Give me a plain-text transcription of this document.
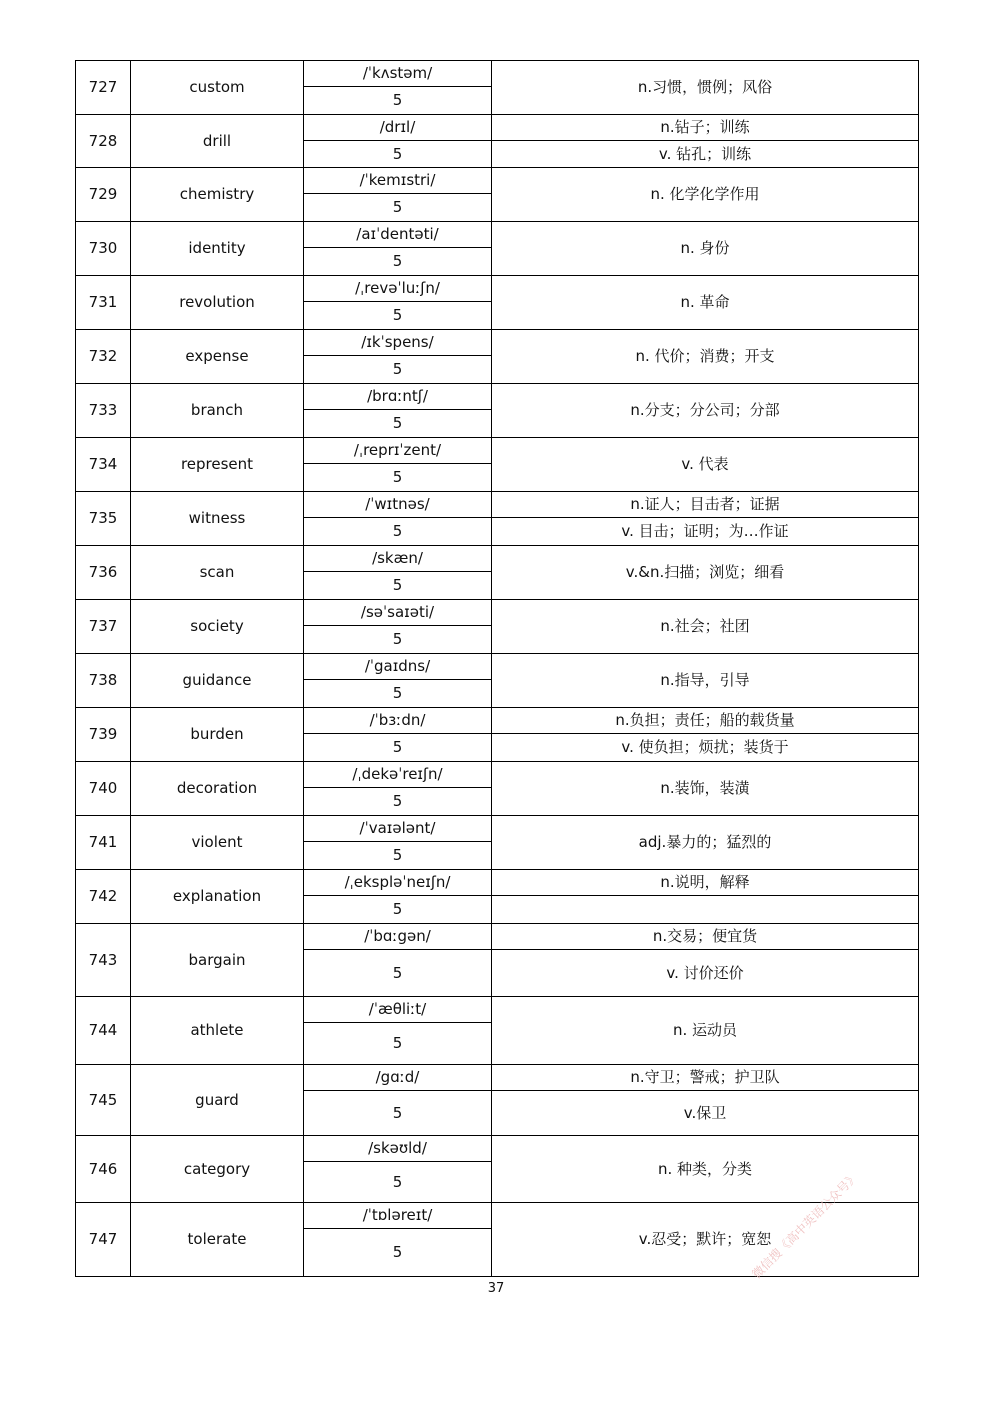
727	custom	/ˈkʌstəm/	n.习惯，惯例；风俗
		5	
728	drill	/drɪl/	n.钻子；训练
		5	v. 钻孔；训练
729	chemistry	/ˈkemɪstri/	n. 化学化学作用
		5	
730	identity	/aɪˈdentəti/	n. 身份
		5	
731	revolution	/ˌrevəˈluːʃn/	n. 革命
		5	
732	expense	/ɪkˈspens/	n. 代价；消费；开支
		5	
733	branch	/brɑːntʃ/	n.分支；分公司；分部
		5	
734	represent	/ˌreprɪˈzent/	v. 代表
		5	
735	witness	/ˈwɪtnəs/	n.证人；目击者；证据
		5	v. 目击；证明；为…作证
736	scan	/skæn/	v.&n.扫描；浏览；细看
		5	
737	society	/səˈsaɪəti/	n.社会；社团
		5	
738	guidance	/ˈgaɪdns/	n.指导，引导
		5	
739	burden	/ˈbɜːdn/	n.负担；责任；船的载货量
		5	v. 使负担；烦扰；装货于
740	decoration	/ˌdekəˈreɪʃn/	n.装饰，装潢
		5	
741	violent	/ˈvaɪələnt/	adj.暴力的；猛烈的
		5	
742	explanation	/ˌekspləˈneɪʃn/	n.说明，解释
		5	
743	bargain	/ˈbɑːgən/	n.交易；便宜货
		5	v. 讨价还价
744	athlete	/ˈæθliːt/	n. 运动员
		5	
745	guard	/gɑːd/	n.守卫；警戒；护卫队
		5	v.保卫
746	category	/skəʊld/	n. 种类，分类
		5	
747	tolerate	/ˈtɒləreɪt/	v.忍受；默许；宽恕
		5	
37
微信搜《高中英语公众号》
